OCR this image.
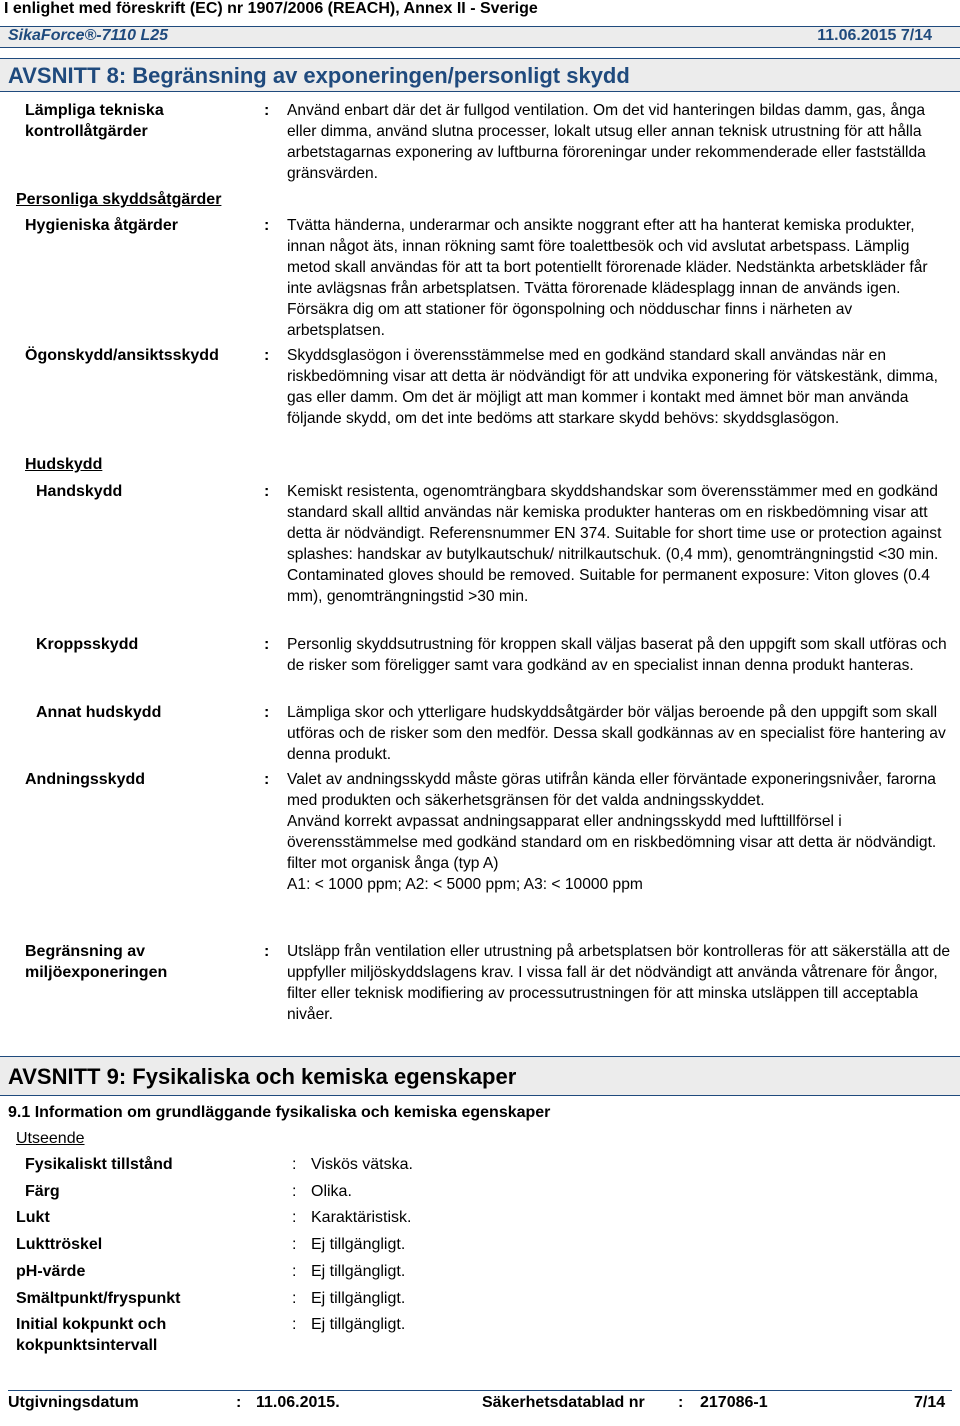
I enlighet med föreskrift (EC) nr 1907/2006 (REACH), Annex II - Sverige
SikaForce®-7110 L25	11.06.2015 7/14
AVSNITT 8: Begränsning av exponeringen/personligt skydd
Lämpliga tekniska kontrollåtgärder
: Använd enbart där det är fullgod ventilation. Om det vid hanteringen bildas damm, gas, ånga eller dimma, använd slutna processer, lokalt utsug eller annan teknisk utrustning för att hålla arbetstagarnas exponering av luftburna föroreningar under rekommenderade eller fastställda gränsvärden.
Personliga skyddsåtgärder
Hygieniska åtgärder	: Tvätta händerna, underarmar och ansikte noggrant efter att ha hanterat kemiska produkter, innan något äts, innan rökning samt före toalettbesök och vid avslutat arbetspass. Lämplig metod skall användas för att ta bort potentiellt förorenade kläder. Nedstänkta arbetskläder får inte avlägsnas från arbetsplatsen. Tvätta förorenade klädesplagg innan de används igen. Försäkra dig om att stationer för ögonspolning och nödduschar finns i närheten av arbetsplatsen.
Ögonskydd/ansiktsskydd	: Skyddsglasögon i överensstämmelse med en godkänd standard skall användas när en riskbedömning visar att detta är nödvändigt för att undvika exponering för vätskestänk, dimma, gas eller damm. Om det är möjligt att man kommer i kontakt med ämnet bör man använda följande skydd, om det inte bedöms att starkare skydd behövs: skyddsglasögon.
Hudskydd
Handskydd	: Kemiskt resistenta, ogenomträngbara skyddshandskar som överensstämmer med en godkänd standard skall alltid användas när kemiska produkter hanteras om en riskbedömning visar att detta är nödvändigt. Referensnummer EN 374. Suitable for short time use or protection against splashes: handskar av butylkautschuk/ nitrilkautschuk. (0,4 mm), genomträngningstid <30 min. Contaminated gloves should be removed. Suitable for permanent exposure: Viton gloves (0.4 mm), genomträngningstid >30 min.
Kroppsskydd	: Personlig skyddsutrustning för kroppen skall väljas baserat på den uppgift som skall utföras och de risker som föreligger samt vara godkänd av en specialist innan denna produkt hanteras.
Annat hudskydd	: Lämpliga skor och ytterligare hudskyddsåtgärder bör väljas beroende på den uppgift som skall utföras och de risker som den medför. Dessa skall godkännas av en specialist före hantering av denna produkt.
Andningsskydd	: Valet av andningsskydd måste göras utifrån kända eller förväntade exponeringsnivåer, farorna med produkten och säkerhetsgränsen för det valda andningsskyddet.

Använd korrekt avpassat andningsapparat eller andningsskydd med lufttillförsel i överensstämmelse med godkänd standard om en riskbedömning visar att detta är nödvändigt.

filter mot organisk ånga (typ A)

A1: < 1000 ppm; A2: < 5000 ppm; A3: < 10000 ppm

Begränsning av miljöexponeringen
: Utsläpp från ventilation eller utrustning på arbetsplatsen bör kontrolleras för att säkerställa att de uppfyller miljöskyddslagens krav. I vissa fall är det nödvändigt att använda våtrenare för ångor, filter eller teknisk modifiering av processutrustningen för att minska utsläppen till acceptabla nivåer.
AVSNITT 9: Fysikaliska och kemiska egenskaper
9.1 Information om grundläggande fysikaliska och kemiska egenskaper
Utseende
Fysikaliskt tillstånd	: Viskös vätska.
Färg	: Olika.
Lukt	: Karaktäristisk.
Lukttröskel	: Ej tillgängligt.
pH-värde	: Ej tillgängligt.
Smältpunkt/fryspunkt	: Ej tillgängligt.
Initial kokpunkt och kokpunktsintervall
: Ej tillgängligt.
Utgivningsdatum	: 11.06.2015.	Säkerhetsdatablad nr : 217086-1	7/14
